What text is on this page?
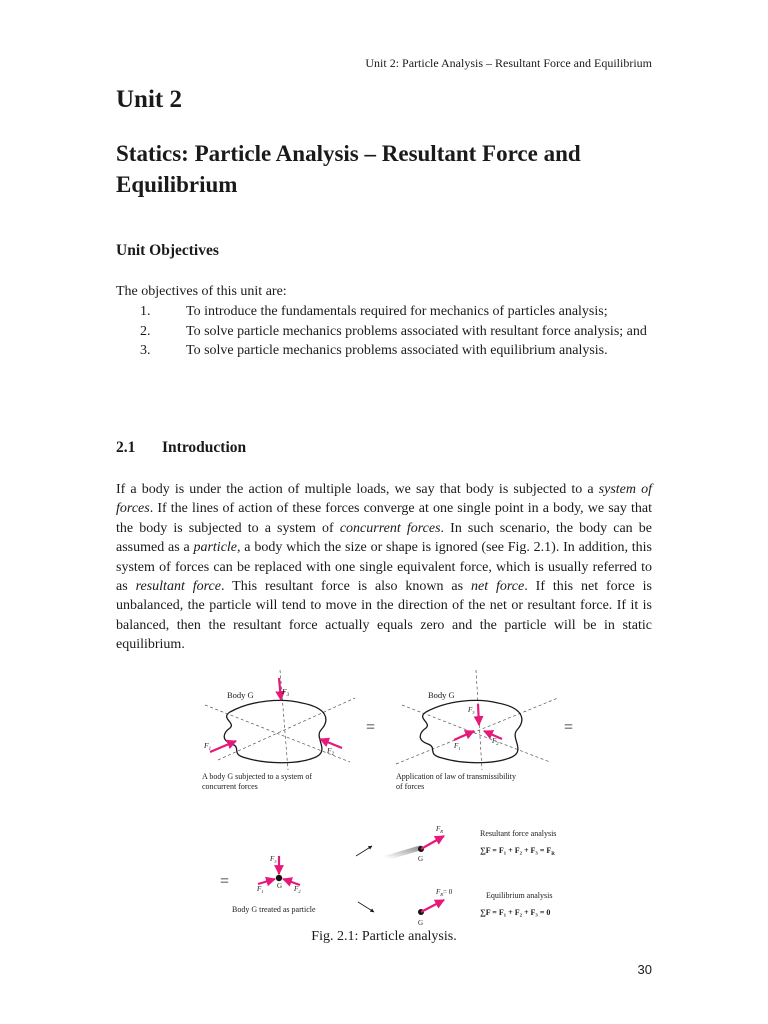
Unit 2: Particle Analysis – Resultant Force and Equilibrium
Unit 2
Statics: Particle Analysis – Resultant Force and Equilibrium
Unit Objectives

The objectives of this unit are:

1.	To introduce the fundamentals required for mechanics of particles analysis;
2.	To solve particle mechanics problems associated with resultant force analysis; and
3.	To solve particle mechanics problems associated with equilibrium analysis.
2.1 Introduction

If a body is under the action of multiple loads, we say that body is subjected to a system of forces. If the lines of action of these forces converge at one single point in a body, we say that the body is subjected to a system of concurrent forces. In such scenario, the body can be assumed as a particle, a body which the size or shape is ignored (see Fig. 2.1). In addition, this system of forces can be replaced with one single equivalent force, which is usually referred to as resultant force. This resultant force is also known as net force. If this net force is unbalanced, the particle will tend to move in the direction of the net or resultant force. If it is balanced, then the resultant force actually equals zero and the particle will be in static equilibrium.

Body G	$F_3$
$F_1$	$F_2$
A body G subjected to a system of
concurrent forces
=
Body G
$F_3$
$F_1$
$F_2$
Application of law of transmissibility
of forces
=
=
$F_3$
$F_1$	$F_2$
G
Body G treated as particle
$F_R$
G
Resultant force analysis
$\sum F = F_1 + F_2 + F_3 = F_R$
$F_R= 0$
G
Equilibrium analysis
∑F = F₁ + F₂ + F₃ = 0

Fig. 2.1: Particle analysis.

30
